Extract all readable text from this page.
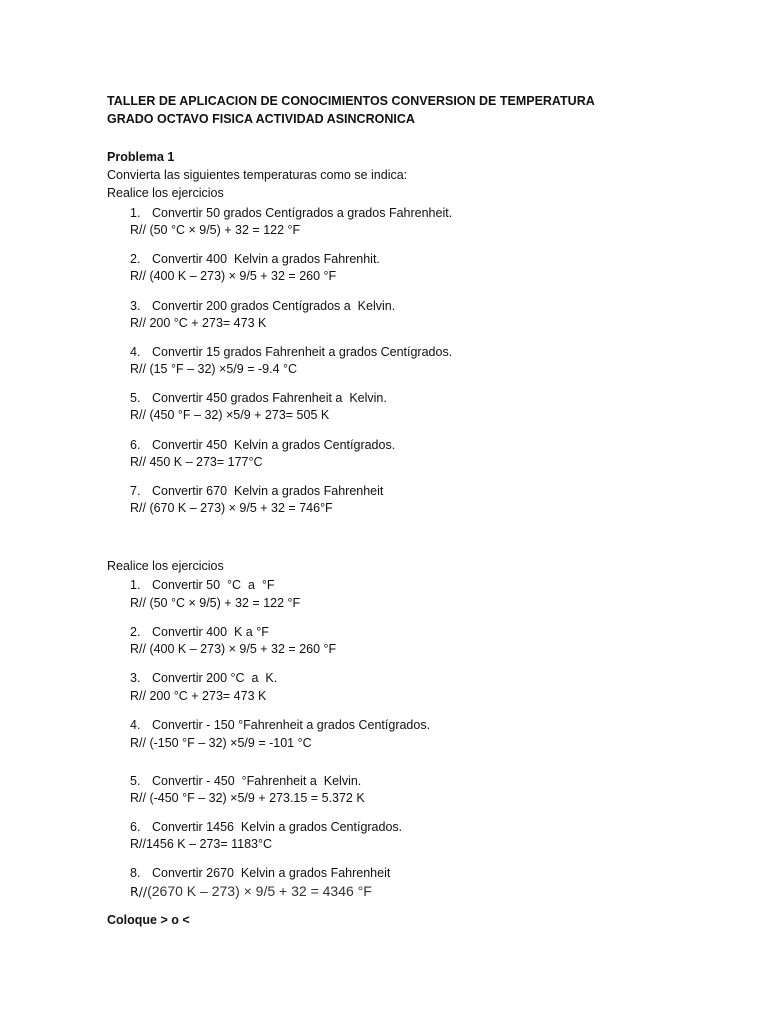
TALLER DE APLICACION DE CONOCIMIENTOS CONVERSION DE TEMPERATURA
GRADO OCTAVO FISICA ACTIVIDAD ASINCRONICA
Problema 1
Convierta las siguientes temperaturas como se indica:
Realice los ejercicios
1. Convertir 50 grados Centígrados a grados Fahrenheit.
R// (50 °C × 9/5) + 32 = 122 °F
2. Convertir 400  Kelvin a grados Fahrenhit.
R// (400 K – 273) × 9/5 + 32 = 260 °F
3. Convertir 200 grados Centígrados a  Kelvin.
R// 200 °C + 273= 473 K
4. Convertir 15 grados Fahrenheit a grados Centígrados.
R// (15 °F – 32) ×5/9 = -9.4 °C
5. Convertir 450 grados Fahrenheit a  Kelvin.
R// (450 °F – 32) ×5/9 + 273= 505 K
6. Convertir 450  Kelvin a grados Centígrados.
R// 450 K – 273= 177°C
7. Convertir 670  Kelvin a grados Fahrenheit
R// (670 K – 273) × 9/5 + 32 = 746°F
Realice los ejercicios
1. Convertir 50  °C  a  °F
R// (50 °C × 9/5) + 32 = 122 °F
2. Convertir 400  K a °F
R// (400 K – 273) × 9/5 + 32 = 260 °F
3. Convertir 200 °C  a  K.
R// 200 °C + 273= 473 K
4. Convertir - 150 °Fahrenheit a grados Centígrados.
R// (-150 °F – 32) ×5/9 = -101 °C
5. Convertir - 450  °Fahrenheit a  Kelvin.
R// (-450 °F – 32) ×5/9 + 273.15 = 5.372 K
6. Convertir 1456  Kelvin a grados Centígrados.
R//1456 K – 273= 1183°C
8. Convertir 2670  Kelvin a grados Fahrenheit
R//(2670 K – 273) × 9/5 + 32 = 4346 °F
Coloque > o <
